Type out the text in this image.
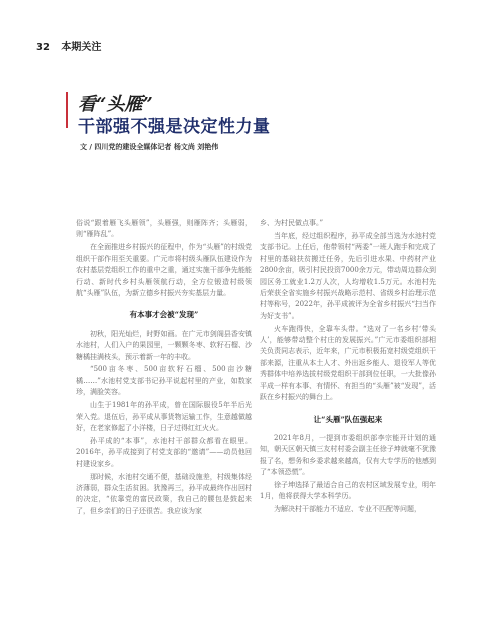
32 本期关注
看“头雁”
干部强不强是决定性力量
文 / 四川党的建设全媒体记者 杨文尚 刘艳伟

俗说“跟着雁飞头雁领”，头雁强，则雁阵齐；头雁弱，则“雁阵乱”。

在全面推进乡村振兴的征程中，作为“头雁”的村级党组织干部作用至关重要。广元市将村级头雁队伍建设作为农村基层党组织工作的重中之重，通过实施干部争先能能行动、新时代乡村头雁领航行动，全方位锻造村级领航“头雁”队伍，为新立德乡村振兴夯实基层力量。

有本事才会被“发现”

初秋，阳光灿烂，时野如画。在广元市剑阁县香安镇水池村，人们入户的果园里，一颗颗冬枣、软籽石榴、沙糖橘挂满枝头，预示着新一年的丰收。

“500亩冬枣、500亩软籽石榴、500亩沙糖橘……”水池村党支部书记孙平说起村里的产业，如数家珍，满脸笑容。

山生于1981年的孙平成，曾在国际服役5年半后光荣入党。退伍后，孙平成从事货物运输工作，生意越做越好，在老家修起了小洋楼，日子过得红红火火。

孙平成的“本事”，水池村干部群众都看在眼里。2016年，孙平成接到了村党支部的“邀请”——动员他回村建设家乡。

那时候，水池村交通不便，基础设施差，村级集体经济薄弱，群众生活贫困。犹豫再三，孙平成最终作出回村的决定，“依靠党的富民政策，我自己的腰包是鼓起来了，但乡亲们的日子还很苦。我应该为家

乡、为村民做点事。”

当年底，经过组织程序，孙平成全部当选为水池村党支部书记。上任后，他带领村“两委”一班人跑手和完成了村里的基础扶贫搬迁任务，先后引进水果、中药材产业2800余亩，吸引村民投资7000余万元，带动周边群众到园区务工就业1.2万人次，人均增收1.5万元。水池村先后荣获全省实施乡村振兴战略示范村、省级乡村治理示范村等称号，2022年，孙平成被评为全省乡村振兴“扫当作为好支书”。

火车跑得快，全靠车头带。“选对了一名乡村‘带头人’，能够带动整个村庄的发展振兴。”广元市委组织部相关负责同志表示，近年来，广元市积极拓宽村级党组织干部来源，注重从本土人才、外出返乡能人、退役军人等优秀群体中培养选拔村级党组织干部到位任职，一大批像孙平成一样有本事、有情怀、有担当的“头雁”被“发现”，活跃在乡村振兴的舞台上。

让“头雁”队伍强起来

2021年8月，一提到市委组织部李宗能开计划的通知，朝天区朝天镇三友村村委会副主任徐子坤就毫不犹豫报了名，想务和乡委求越来越高，仅有大专学历的他感到了“本领恐慌”。

徐子坤选择了最适合自己的农村区域发展专业，明年1月，他将获得大学本科学历。

为解决村干部能力不适应、专业不匹配等问题，
